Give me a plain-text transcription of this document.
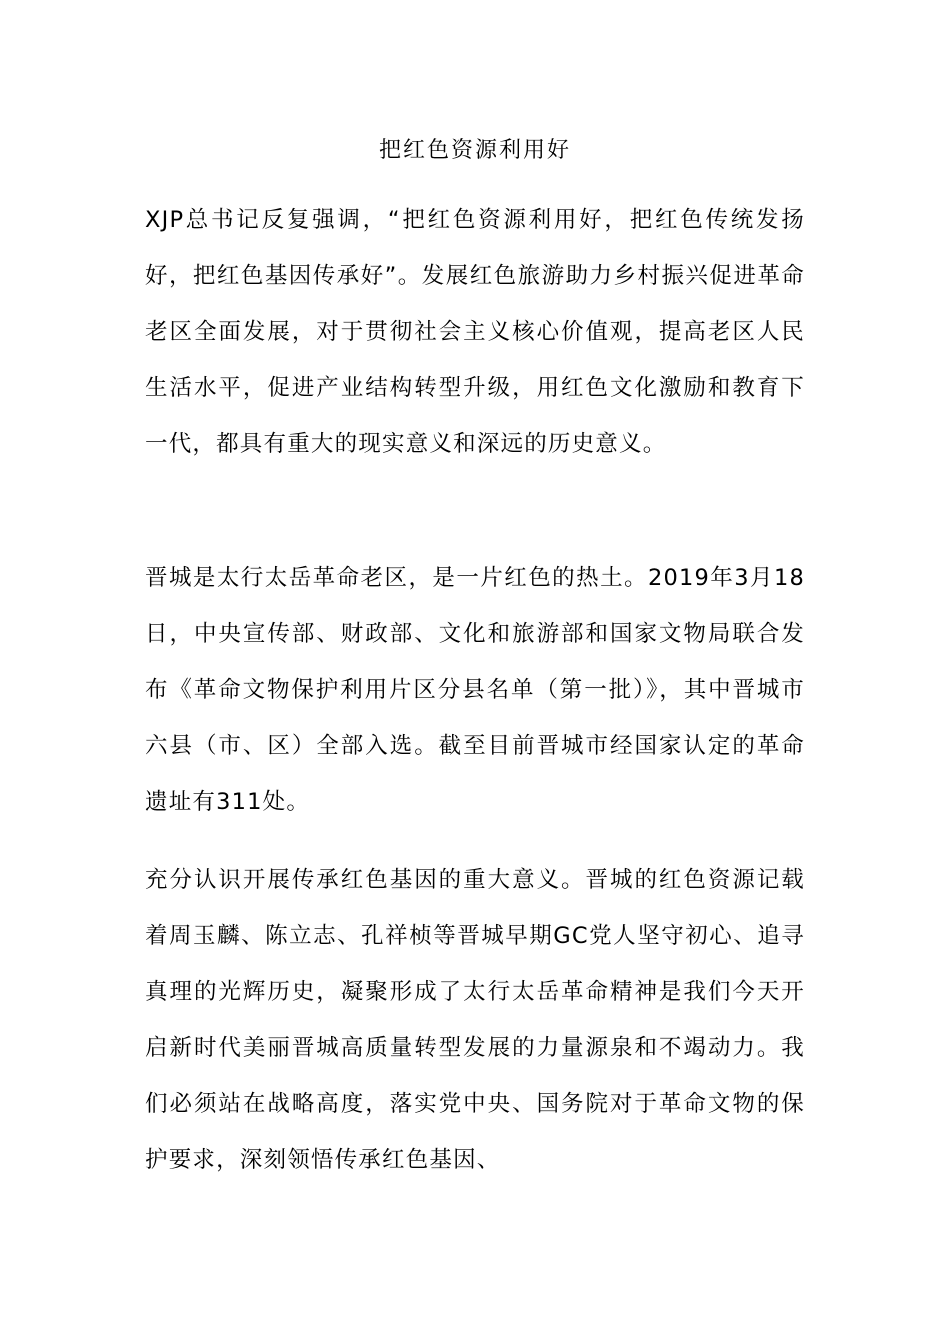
把红色资源利用好

XJP总书记反复强调，“把红色资源利用好，把红色传统发扬好，把红色基因传承好”。发展红色旅游助力乡村振兴促进革命老区全面发展，对于贯彻社会主义核心价值观，提高老区人民生活水平，促进产业结构转型升级，用红色文化激励和教育下一代，都具有重大的现实意义和深远的历史意义。

晋城是太行太岳革命老区，是一片红色的热土。2019年3月18日，中央宣传部、财政部、文化和旅游部和国家文物局联合发布《革命文物保护利用片区分县名单（第一批）》，其中晋城市六县（市、区）全部入选。截至目前晋城市经国家认定的革命遗址有311处。

充分认识开展传承红色基因的重大意义。晋城的红色资源记载着周玉麟、陈立志、孔祥桢等晋城早期GC党人坚守初心、追寻真理的光辉历史，凝聚形成了太行太岳革命精神是我们今天开启新时代美丽晋城高质量转型发展的力量源泉和不竭动力。我们必须站在战略高度，落实党中央、国务院对于革命文物的保护要求，深刻领悟传承红色基因、
